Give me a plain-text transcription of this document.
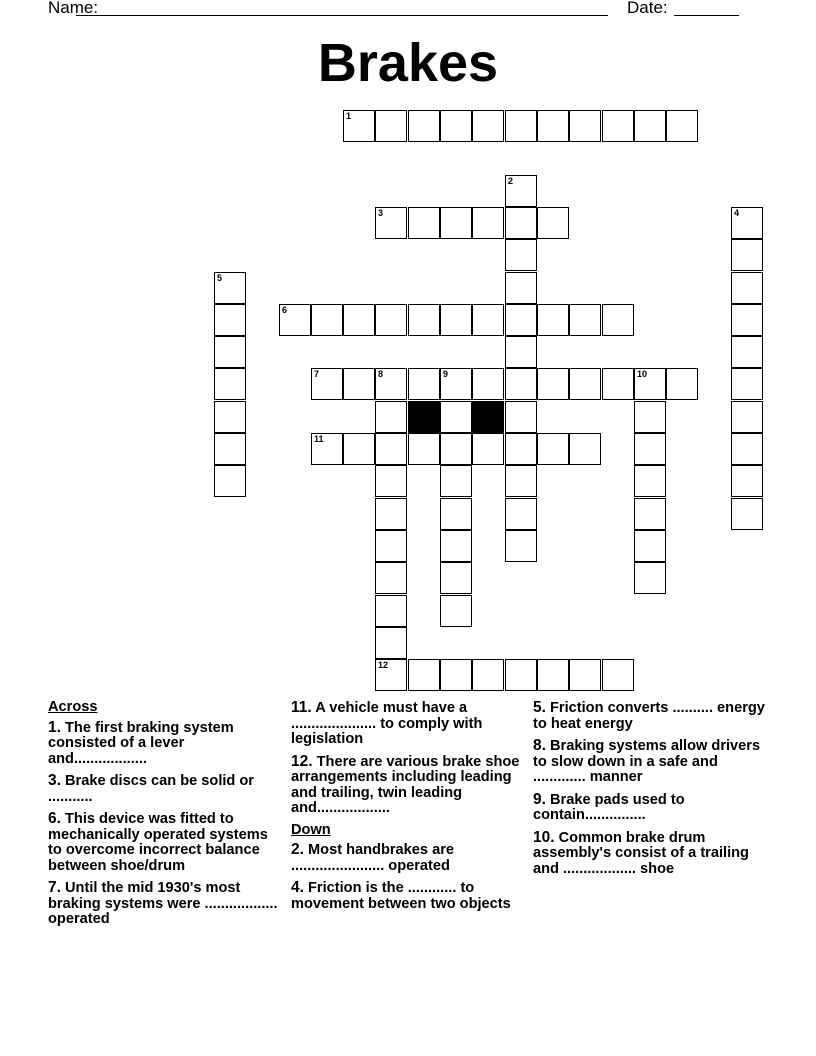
Name:	Date:
Brakes
1
2
3	4
5
6
7	8	9	10
11
12
Across
1. The first braking system consisted of a lever and..................
3. Brake discs can be solid or ...........
6. This device was fitted to mechanically operated systems to overcome incorrect balance between shoe/drum
7. Until the mid 1930's most braking systems were .................. operated
11. A vehicle must have a ..................... to comply with legislation
12. There are various brake shoe arrangements including leading and trailing, twin leading and..................
Down
2. Most handbrakes are ....................... operated
4. Friction is the ............ to movement between two objects
5. Friction converts .......... energy to heat energy
8. Braking systems allow drivers to slow down in a safe and ............. manner
9. Brake pads used to contain...............
10. Common brake drum assembly's consist of a trailing and .................. shoe
